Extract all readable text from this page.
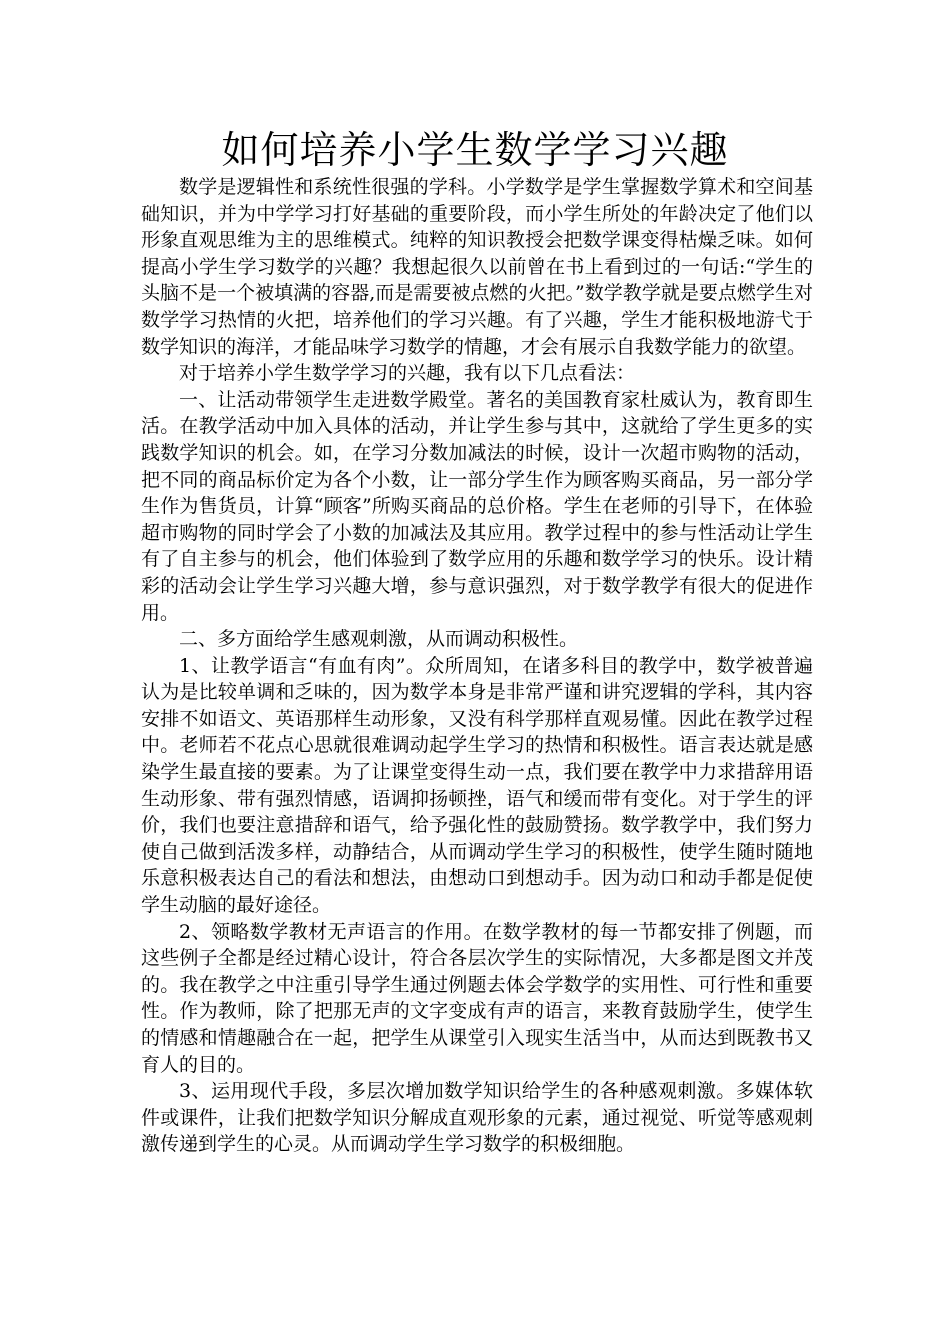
如何培养小学生数学学习兴趣

数学是逻辑性和系统性很强的学科。小学数学是学生掌握数学算术和空间基础知识，并为中学学习打好基础的重要阶段，而小学生所处的年龄决定了他们以形象直观思维为主的思维模式。纯粹的知识教授会把数学课变得枯燥乏味。如何提高小学生学习数学的兴趣？我想起很久以前曾在书上看到过的一句话:“学生的头脑不是一个被填满的容器,而是需要被点燃的火把。”数学教学就是要点燃学生对数学学习热情的火把，培养他们的学习兴趣。有了兴趣，学生才能积极地游弋于数学知识的海洋，才能品味学习数学的情趣，才会有展示自我数学能力的欲望。

对于培养小学生数学学习的兴趣，我有以下几点看法：

一、让活动带领学生走进数学殿堂。著名的美国教育家杜威认为，教育即生活。在教学活动中加入具体的活动，并让学生参与其中，这就给了学生更多的实践数学知识的机会。如，在学习分数加减法的时候，设计一次超市购物的活动，把不同的商品标价定为各个小数，让一部分学生作为顾客购买商品，另一部分学生作为售货员，计算“顾客”所购买商品的总价格。学生在老师的引导下，在体验超市购物的同时学会了小数的加减法及其应用。教学过程中的参与性活动让学生有了自主参与的机会，他们体验到了数学应用的乐趣和数学学习的快乐。设计精彩的活动会让学生学习兴趣大增，参与意识强烈，对于数学教学有很大的促进作用。

二、多方面给学生感观刺激，从而调动积极性。

1、让教学语言“有血有肉”。众所周知，在诸多科目的教学中，数学被普遍认为是比较单调和乏味的，因为数学本身是非常严谨和讲究逻辑的学科，其内容安排不如语文、英语那样生动形象，又没有科学那样直观易懂。因此在教学过程中。老师若不花点心思就很难调动起学生学习的热情和积极性。语言表达就是感染学生最直接的要素。为了让课堂变得生动一点，我们要在教学中力求措辞用语生动形象、带有强烈情感，语调抑扬顿挫，语气和缓而带有变化。对于学生的评价，我们也要注意措辞和语气，给予强化性的鼓励赞扬。数学教学中，我们努力使自己做到活泼多样，动静结合，从而调动学生学习的积极性，使学生随时随地乐意积极表达自己的看法和想法，由想动口到想动手。因为动口和动手都是促使学生动脑的最好途径。

2、领略数学教材无声语言的作用。在数学教材的每一节都安排了例题，而这些例子全都是经过精心设计，符合各层次学生的实际情况，大多都是图文并茂的。我在教学之中注重引导学生通过例题去体会学数学的实用性、可行性和重要性。作为教师，除了把那无声的文字变成有声的语言，来教育鼓励学生，使学生的情感和情趣融合在一起，把学生从课堂引入现实生活当中，从而达到既教书又育人的目的。

3、运用现代手段，多层次增加数学知识给学生的各种感观刺激。多媒体软件或课件，让我们把数学知识分解成直观形象的元素，通过视觉、听觉等感观刺激传递到学生的心灵。从而调动学生学习数学的积极细胞。
